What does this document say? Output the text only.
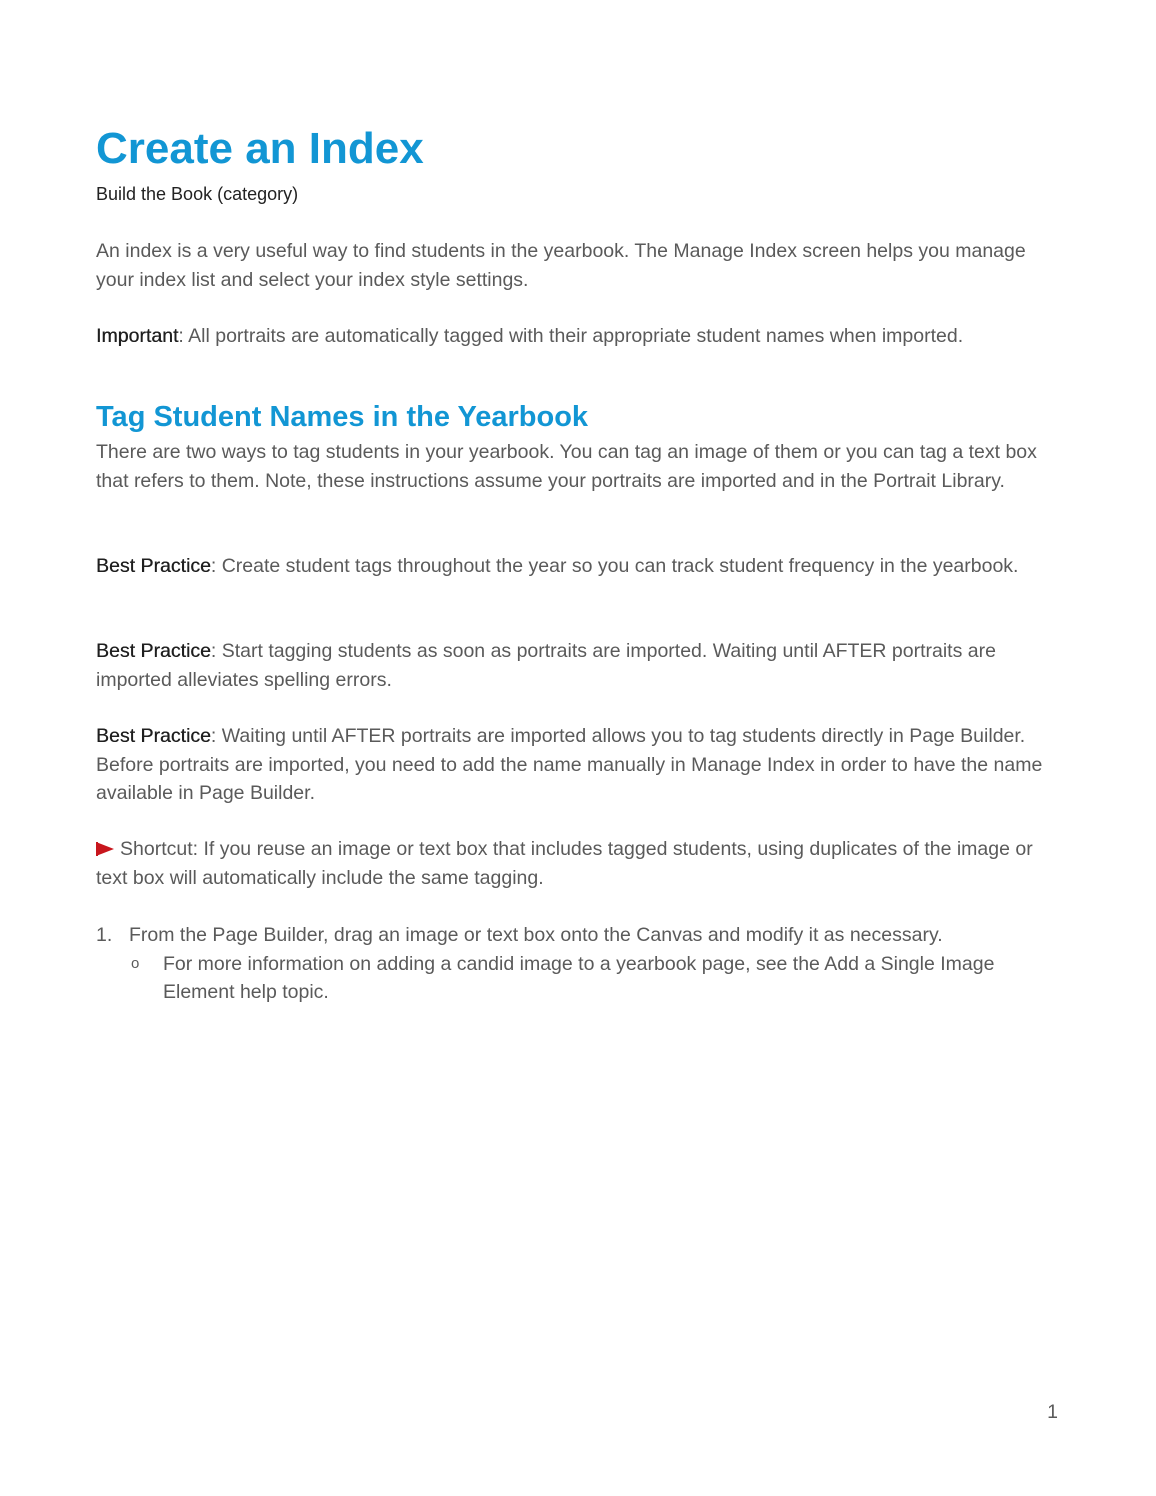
Create an Index

Build the Book (category)

An index is a very useful way to find students in the yearbook. The Manage Index screen helps you manage your index list and select your index style settings.

Important: All portraits are automatically tagged with their appropriate student names when imported.

Tag Student Names in the Yearbook

There are two ways to tag students in your yearbook. You can tag an image of them or you can tag a text box that refers to them. Note, these instructions assume your portraits are imported and in the Portrait Library.

Best Practice: Create student tags throughout the year so you can track student frequency in the yearbook.

Best Practice: Start tagging students as soon as portraits are imported. Waiting until AFTER portraits are imported alleviates spelling errors.

Best Practice: Waiting until AFTER portraits are imported allows you to tag students directly in Page Builder. Before portraits are imported, you need to add the name manually in Manage Index in order to have the name available in Page Builder.

Shortcut: If you reuse an image or text box that includes tagged students, using duplicates of the image or text box will automatically include the same tagging.

1. From the Page Builder, drag an image or text box onto the Canvas and modify it as necessary.
o For more information on adding a candid image to a yearbook page, see the Add a Single Image Element help topic.
1
